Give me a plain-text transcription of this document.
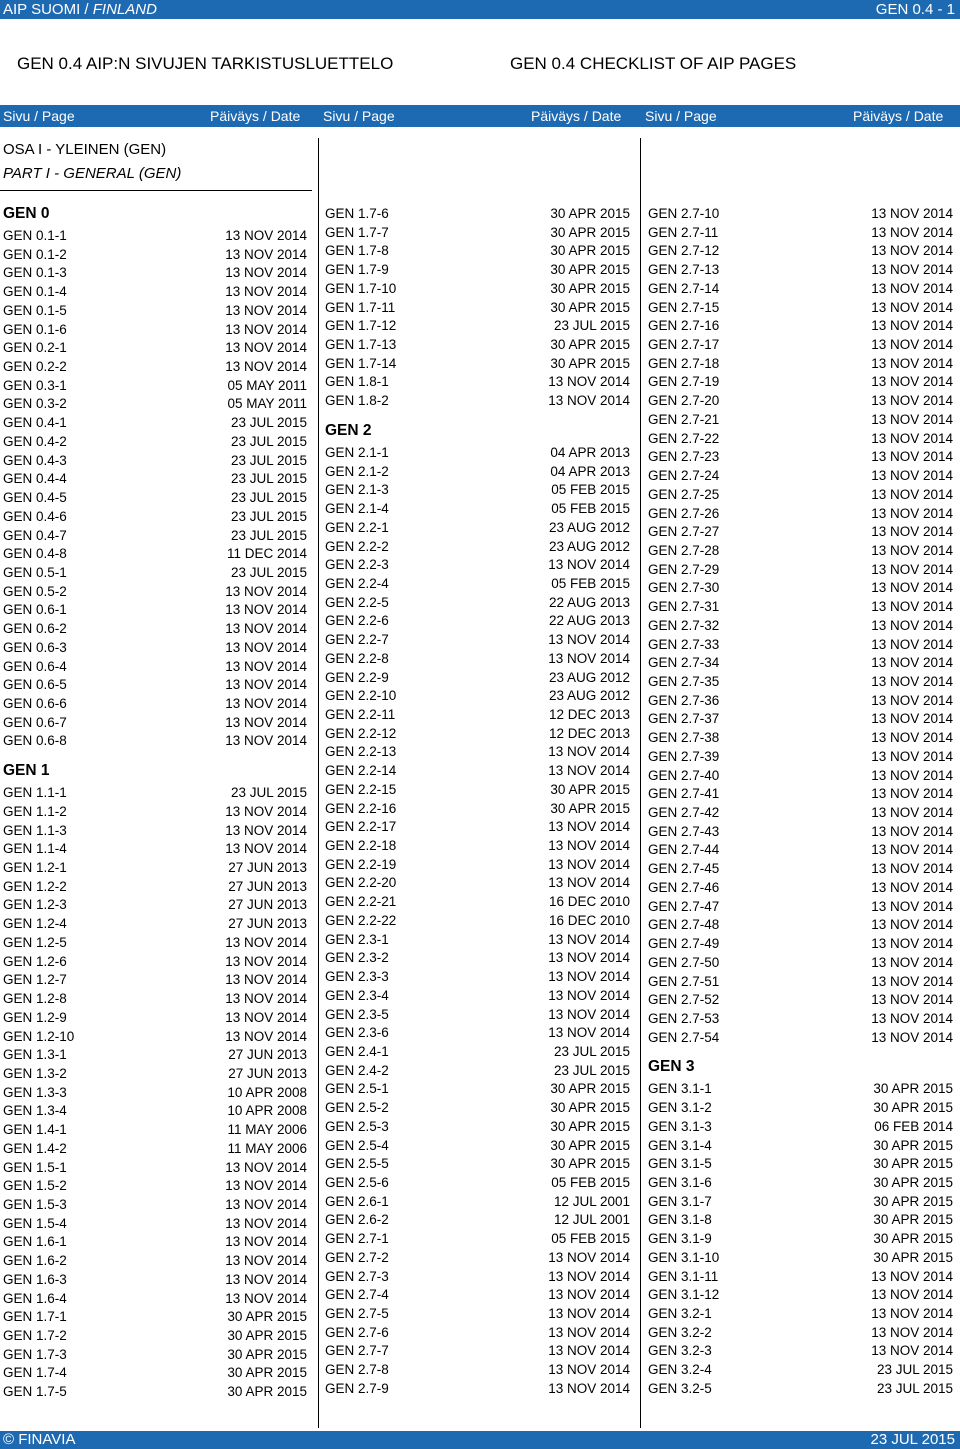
AIP SUOMI / FINLAND	GEN 0.4 - 1
GEN 0.4 AIP:N SIVUJEN TARKISTUSLUETTELO	GEN 0.4 CHECKLIST OF AIP PAGES
Sivu / Page	Päiväys / Date Sivu / Page	Päiväys / Date Sivu / Page	Päiväys / Date
OSA I - YLEINEN (GEN)
PART I - GENERAL (GEN)
GEN 0
GEN 0.1-1	13 NOV 2014
GEN 0.1-2	13 NOV 2014
GEN 0.1-3	13 NOV 2014
GEN 0.1-4	13 NOV 2014
GEN 0.1-5	13 NOV 2014
GEN 0.1-6	13 NOV 2014
GEN 0.2-1	13 NOV 2014
GEN 0.2-2	13 NOV 2014
GEN 0.3-1	05 MAY 2011
GEN 0.3-2	05 MAY 2011
GEN 0.4-1	23 JUL 2015
GEN 0.4-2	23 JUL 2015
GEN 0.4-3	23 JUL 2015
GEN 0.4-4	23 JUL 2015
GEN 0.4-5	23 JUL 2015
GEN 0.4-6	23 JUL 2015
GEN 0.4-7	23 JUL 2015
GEN 0.4-8	11 DEC 2014
GEN 0.5-1	23 JUL 2015
GEN 0.5-2	13 NOV 2014
GEN 0.6-1	13 NOV 2014
GEN 0.6-2	13 NOV 2014
GEN 0.6-3	13 NOV 2014
GEN 0.6-4	13 NOV 2014
GEN 0.6-5	13 NOV 2014
GEN 0.6-6	13 NOV 2014
GEN 0.6-7	13 NOV 2014
GEN 0.6-8	13 NOV 2014
GEN 1
GEN 1.1-1	23 JUL 2015
GEN 1.1-2	13 NOV 2014
GEN 1.1-3	13 NOV 2014
GEN 1.1-4	13 NOV 2014
GEN 1.2-1	27 JUN 2013
GEN 1.2-2	27 JUN 2013
GEN 1.2-3	27 JUN 2013
GEN 1.2-4	27 JUN 2013
GEN 1.2-5	13 NOV 2014
GEN 1.2-6	13 NOV 2014
GEN 1.2-7	13 NOV 2014
GEN 1.2-8	13 NOV 2014
GEN 1.2-9	13 NOV 2014
GEN 1.2-10	13 NOV 2014
GEN 1.3-1	27 JUN 2013
GEN 1.3-2	27 JUN 2013
GEN 1.3-3	10 APR 2008
GEN 1.3-4	10 APR 2008
GEN 1.4-1	11 MAY 2006
GEN 1.4-2	11 MAY 2006
GEN 1.5-1	13 NOV 2014
GEN 1.5-2	13 NOV 2014
GEN 1.5-3	13 NOV 2014
GEN 1.5-4	13 NOV 2014
GEN 1.6-1	13 NOV 2014
GEN 1.6-2	13 NOV 2014
GEN 1.6-3	13 NOV 2014
GEN 1.6-4	13 NOV 2014
GEN 1.7-1	30 APR 2015
GEN 1.7-2	30 APR 2015
GEN 1.7-3	30 APR 2015
GEN 1.7-4	30 APR 2015
GEN 1.7-5	30 APR 2015
GEN 1.7-6	30 APR 2015
GEN 1.7-7	30 APR 2015
GEN 1.7-8	30 APR 2015
GEN 1.7-9	30 APR 2015
GEN 1.7-10	30 APR 2015
GEN 1.7-11	30 APR 2015
GEN 1.7-12	23 JUL 2015
GEN 1.7-13	30 APR 2015
GEN 1.7-14	30 APR 2015
GEN 1.8-1	13 NOV 2014
GEN 1.8-2	13 NOV 2014
GEN 2
GEN 2.1-1	04 APR 2013
GEN 2.1-2	04 APR 2013
GEN 2.1-3	05 FEB 2015
GEN 2.1-4	05 FEB 2015
GEN 2.2-1	23 AUG 2012
GEN 2.2-2	23 AUG 2012
GEN 2.2-3	13 NOV 2014
GEN 2.2-4	05 FEB 2015
GEN 2.2-5	22 AUG 2013
GEN 2.2-6	22 AUG 2013
GEN 2.2-7	13 NOV 2014
GEN 2.2-8	13 NOV 2014
GEN 2.2-9	23 AUG 2012
GEN 2.2-10	23 AUG 2012
GEN 2.2-11	12 DEC 2013
GEN 2.2-12	12 DEC 2013
GEN 2.2-13	13 NOV 2014
GEN 2.2-14	13 NOV 2014
GEN 2.2-15	30 APR 2015
GEN 2.2-16	30 APR 2015
GEN 2.2-17	13 NOV 2014
GEN 2.2-18	13 NOV 2014
GEN 2.2-19	13 NOV 2014
GEN 2.2-20	13 NOV 2014
GEN 2.2-21	16 DEC 2010
GEN 2.2-22	16 DEC 2010
GEN 2.3-1	13 NOV 2014
GEN 2.3-2	13 NOV 2014
GEN 2.3-3	13 NOV 2014
GEN 2.3-4	13 NOV 2014
GEN 2.3-5	13 NOV 2014
GEN 2.3-6	13 NOV 2014
GEN 2.4-1	23 JUL 2015
GEN 2.4-2	23 JUL 2015
GEN 2.5-1	30 APR 2015
GEN 2.5-2	30 APR 2015
GEN 2.5-3	30 APR 2015
GEN 2.5-4	30 APR 2015
GEN 2.5-5	30 APR 2015
GEN 2.5-6	05 FEB 2015
GEN 2.6-1	12 JUL 2001
GEN 2.6-2	12 JUL 2001
GEN 2.7-1	05 FEB 2015
GEN 2.7-2	13 NOV 2014
GEN 2.7-3	13 NOV 2014
GEN 2.7-4	13 NOV 2014
GEN 2.7-5	13 NOV 2014
GEN 2.7-6	13 NOV 2014
GEN 2.7-7	13 NOV 2014
GEN 2.7-8	13 NOV 2014
GEN 2.7-9	13 NOV 2014
GEN 2.7-10	13 NOV 2014
GEN 2.7-11	13 NOV 2014
GEN 2.7-12	13 NOV 2014
GEN 2.7-13	13 NOV 2014
GEN 2.7-14	13 NOV 2014
GEN 2.7-15	13 NOV 2014
GEN 2.7-16	13 NOV 2014
GEN 2.7-17	13 NOV 2014
GEN 2.7-18	13 NOV 2014
GEN 2.7-19	13 NOV 2014
GEN 2.7-20	13 NOV 2014
GEN 2.7-21	13 NOV 2014
GEN 2.7-22	13 NOV 2014
GEN 2.7-23	13 NOV 2014
GEN 2.7-24	13 NOV 2014
GEN 2.7-25	13 NOV 2014
GEN 2.7-26	13 NOV 2014
GEN 2.7-27	13 NOV 2014
GEN 2.7-28	13 NOV 2014
GEN 2.7-29	13 NOV 2014
GEN 2.7-30	13 NOV 2014
GEN 2.7-31	13 NOV 2014
GEN 2.7-32	13 NOV 2014
GEN 2.7-33	13 NOV 2014
GEN 2.7-34	13 NOV 2014
GEN 2.7-35	13 NOV 2014
GEN 2.7-36	13 NOV 2014
GEN 2.7-37	13 NOV 2014
GEN 2.7-38	13 NOV 2014
GEN 2.7-39	13 NOV 2014
GEN 2.7-40	13 NOV 2014
GEN 2.7-41	13 NOV 2014
GEN 2.7-42	13 NOV 2014
GEN 2.7-43	13 NOV 2014
GEN 2.7-44	13 NOV 2014
GEN 2.7-45	13 NOV 2014
GEN 2.7-46	13 NOV 2014
GEN 2.7-47	13 NOV 2014
GEN 2.7-48	13 NOV 2014
GEN 2.7-49	13 NOV 2014
GEN 2.7-50	13 NOV 2014
GEN 2.7-51	13 NOV 2014
GEN 2.7-52	13 NOV 2014
GEN 2.7-53	13 NOV 2014
GEN 2.7-54	13 NOV 2014
GEN 3
GEN 3.1-1	30 APR 2015
GEN 3.1-2	30 APR 2015
GEN 3.1-3	06 FEB 2014
GEN 3.1-4	30 APR 2015
GEN 3.1-5	30 APR 2015
GEN 3.1-6	30 APR 2015
GEN 3.1-7	30 APR 2015
GEN 3.1-8	30 APR 2015
GEN 3.1-9	30 APR 2015
GEN 3.1-10	30 APR 2015
GEN 3.1-11	13 NOV 2014
GEN 3.1-12	13 NOV 2014
GEN 3.2-1	13 NOV 2014
GEN 3.2-2	13 NOV 2014
GEN 3.2-3	13 NOV 2014
GEN 3.2-4	23 JUL 2015
GEN 3.2-5	23 JUL 2015
© FINAVIA	23 JUL 2015
